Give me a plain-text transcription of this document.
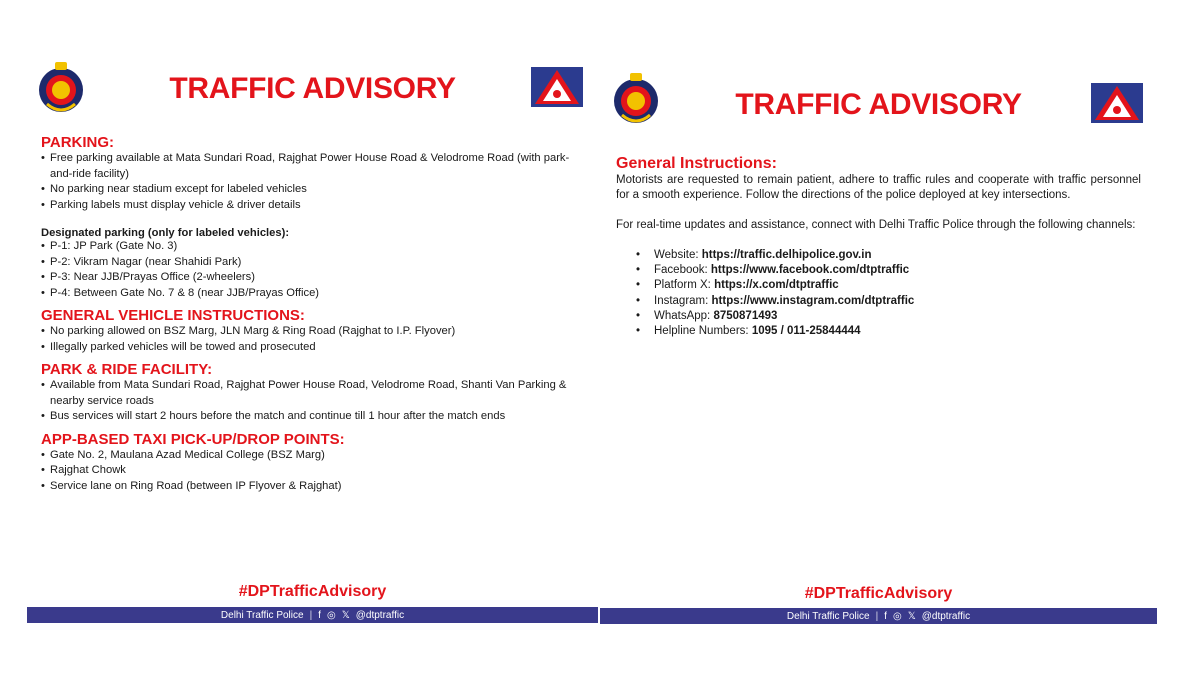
TRAFFIC ADVISORY

PARKING:

• Free parking available at Mata Sundari Road, Rajghat Power House Road & Velodrome Road (with park-and-ride facility)

• No parking near stadium except for labeled vehicles

• Parking labels must display vehicle & driver details

Designated parking (only for labeled vehicles):

• P-1: JP Park (Gate No. 3)

• P-2: Vikram Nagar (near Shahidi Park)

• P-3: Near JJB/Prayas Office (2-wheelers)

• P-4: Between Gate No. 7 & 8 (near JJB/Prayas Office)

GENERAL VEHICLE INSTRUCTIONS:

• No parking allowed on BSZ Marg, JLN Marg & Ring Road (Rajghat to I.P. Flyover)

• Illegally parked vehicles will be towed and prosecuted

PARK & RIDE FACILITY:

• Available from Mata Sundari Road, Rajghat Power House Road, Velodrome Road, Shanti Van Parking & nearby service roads

• Bus services will start 2 hours before the match and continue till 1 hour after the match ends

APP-BASED TAXI PICK-UP/DROP POINTS:

• Gate No. 2, Maulana Azad Medical College (BSZ Marg)

• Rajghat Chowk

• Service lane on Ring Road (between IP Flyover & Rajghat)

#DPTrafficAdvisory
Delhi Traffic Police | f ◎ 𝕏 @dtptraffic
TRAFFIC ADVISORY

General Instructions:

Motorists are requested to remain patient, adhere to traffic rules and cooperate with traffic personnel for a smooth experience. Follow the directions of the police deployed at key intersections.

For real-time updates and assistance, connect with Delhi Traffic Police through the following channels:

• Website: https://traffic.delhipolice.gov.in
• Facebook: https://www.facebook.com/dtptraffic
• Platform X: https://x.com/dtptraffic
• Instagram: https://www.instagram.com/dtptraffic
• WhatsApp: 8750871493
• Helpline Numbers: 1095 / 011-25844444
#DPTrafficAdvisory
Delhi Traffic Police | f ◎ 𝕏 @dtptraffic
